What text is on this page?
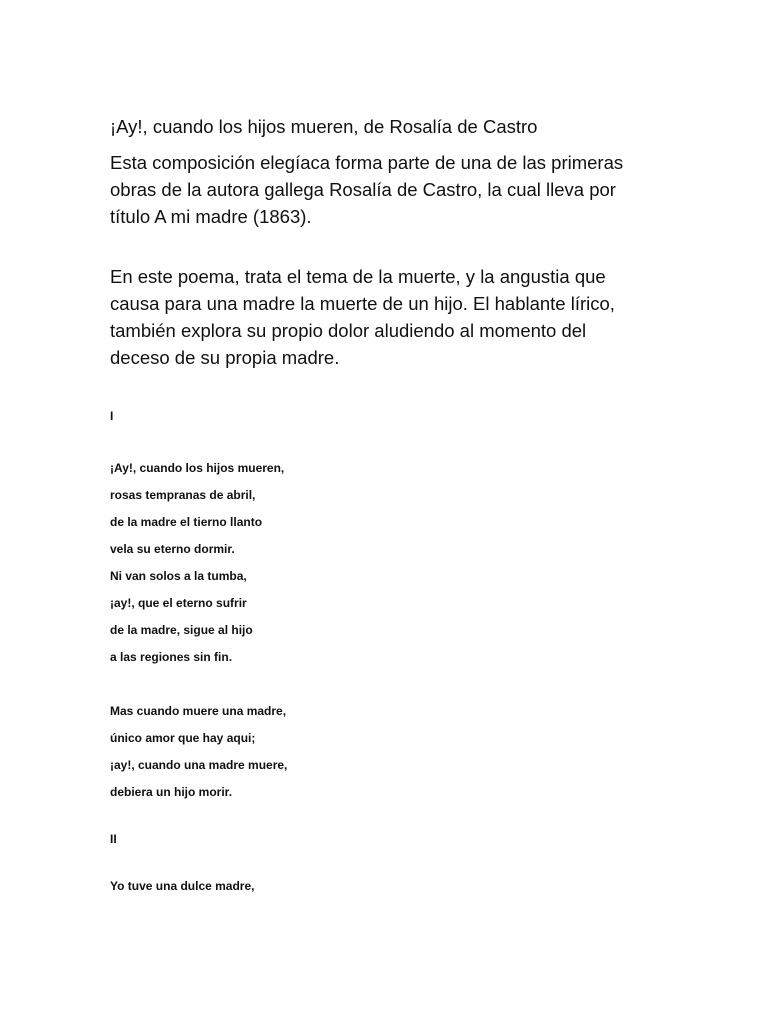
¡Ay!, cuando los hijos mueren, de Rosalía de Castro

Esta composición elegíaca forma parte de una de las primeras obras de la autora gallega Rosalía de Castro, la cual lleva por título A mi madre (1863).

En este poema, trata el tema de la muerte, y la angustia que causa para una madre la muerte de un hijo. El hablante lírico, también explora su propio dolor aludiendo al momento del deceso de su propia madre.

I

¡Ay!, cuando los hijos mueren,
rosas tempranas de abril,
de la madre el tierno llanto
vela su eterno dormir.
Ni van solos a la tumba,
¡ay!, que el eterno sufrir
de la madre, sigue al hijo
a las regiones sin fin.
Mas cuando muere una madre,
único amor que hay aqui;
¡ay!, cuando una madre muere,
debiera un hijo morir.

II

Yo tuve una dulce madre,
